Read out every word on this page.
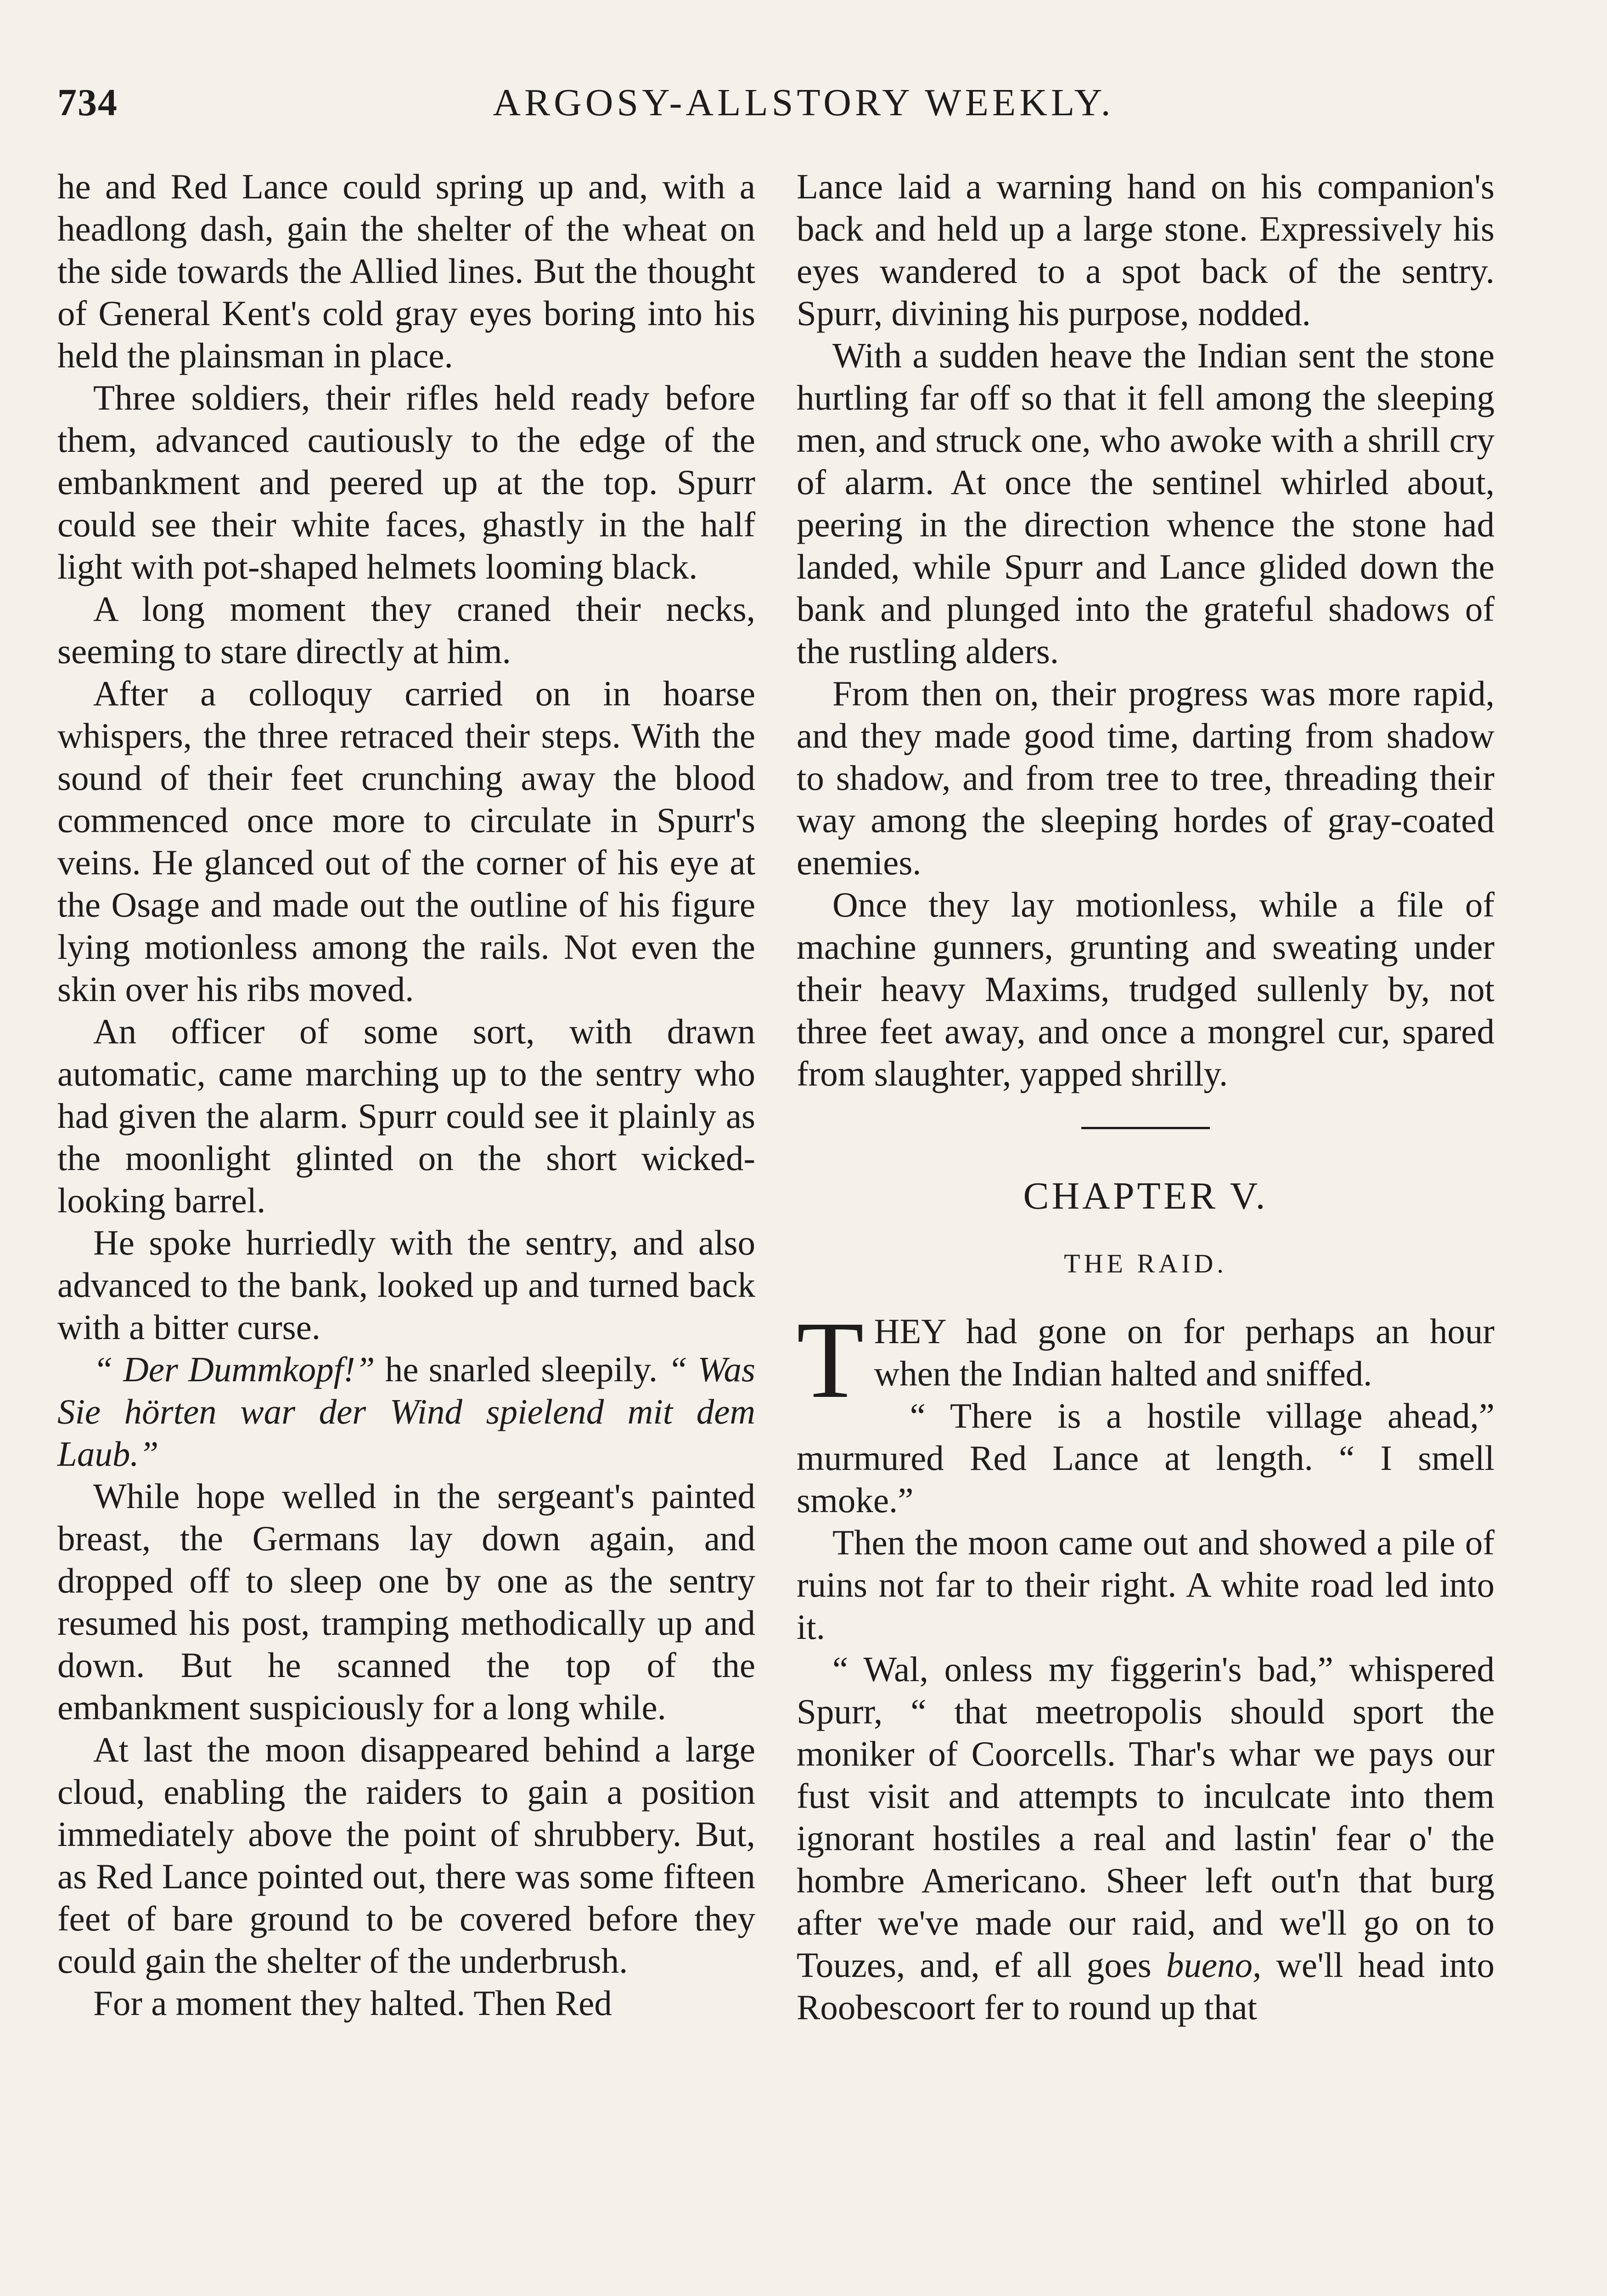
734	ARGOSY-ALLSTORY WEEKLY.

he and Red Lance could spring up and, with a headlong dash, gain the shelter of the wheat on the side towards the Allied lines. But the thought of General Kent's cold gray eyes boring into his held the plainsman in place.

Three soldiers, their rifles held ready before them, advanced cautiously to the edge of the embankment and peered up at the top. Spurr could see their white faces, ghastly in the half light with pot-shaped helmets looming black.

A long moment they craned their necks, seeming to stare directly at him.

After a colloquy carried on in hoarse whispers, the three retraced their steps. With the sound of their feet crunching away the blood commenced once more to circulate in Spurr's veins. He glanced out of the corner of his eye at the Osage and made out the outline of his figure lying motionless among the rails. Not even the skin over his ribs moved.

An officer of some sort, with drawn automatic, came marching up to the sentry who had given the alarm. Spurr could see it plainly as the moonlight glinted on the short wicked-looking barrel.

He spoke hurriedly with the sentry, and also advanced to the bank, looked up and turned back with a bitter curse.

“ Der Dummkopf!” he snarled sleepily. “ Was Sie hörten war der Wind spielend mit dem Laub.”

While hope welled in the sergeant's painted breast, the Germans lay down again, and dropped off to sleep one by one as the sentry resumed his post, tramping methodically up and down. But he scanned the top of the embankment suspiciously for a long while.

At last the moon disappeared behind a large cloud, enabling the raiders to gain a position immediately above the point of shrubbery. But, as Red Lance pointed out, there was some fifteen feet of bare ground to be covered before they could gain the shelter of the underbrush.

For a moment they halted. Then Red

Lance laid a warning hand on his companion's back and held up a large stone. Expressively his eyes wandered to a spot back of the sentry. Spurr, divining his purpose, nodded.

With a sudden heave the Indian sent the stone hurtling far off so that it fell among the sleeping men, and struck one, who awoke with a shrill cry of alarm. At once the sentinel whirled about, peering in the direction whence the stone had landed, while Spurr and Lance glided down the bank and plunged into the grateful shadows of the rustling alders.

From then on, their progress was more rapid, and they made good time, darting from shadow to shadow, and from tree to tree, threading their way among the sleeping hordes of gray-coated enemies.

Once they lay motionless, while a file of machine gunners, grunting and sweating under their heavy Maxims, trudged sullenly by, not three feet away, and once a mongrel cur, spared from slaughter, yapped shrilly.

CHAPTER V.
THE RAID.

THEY had gone on for perhaps an hour when the Indian halted and sniffed.

“ There is a hostile village ahead,” murmured Red Lance at length. “ I smell smoke.”

Then the moon came out and showed a pile of ruins not far to their right. A white road led into it.

“ Wal, onless my figgerin's bad,” whispered Spurr, “ that meetropolis should sport the moniker of Coorcells. Thar's whar we pays our fust visit and attempts to inculcate into them ignorant hostiles a real and lastin' fear o' the hombre Americano. Sheer left out'n that burg after we've made our raid, and we'll go on to Touzes, and, ef all goes bueno, we'll head into Roobescoort fer to round up that
